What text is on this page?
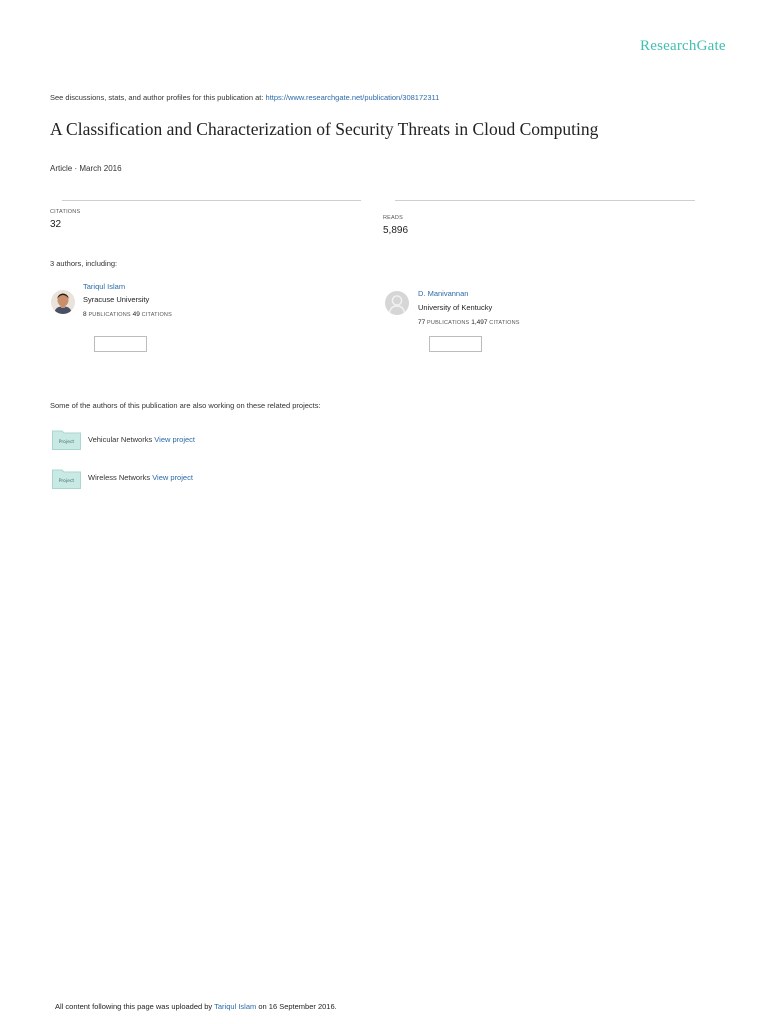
ResearchGate
See discussions, stats, and author profiles for this publication at: https://www.researchgate.net/publication/308172311
A Classification and Characterization of Security Threats in Cloud Computing
Article · March 2016
CITATIONS
32
READS
5,896
3 authors, including:
Tariqul Islam
Syracuse University
8 PUBLICATIONS 49 CITATIONS
D. Manivannan
University of Kentucky
77 PUBLICATIONS 1,497 CITATIONS
Some of the authors of this publication are also working on these related projects:
Project Vehicular Networks View project
Project Wireless Networks View project
All content following this page was uploaded by Tariqul Islam on 16 September 2016.
